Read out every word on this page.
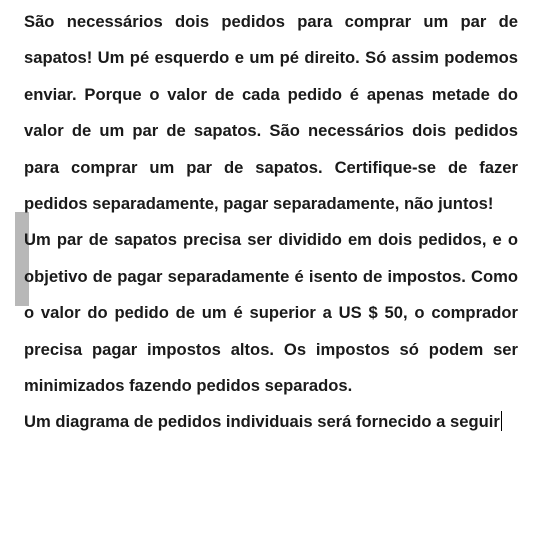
São necessários dois pedidos para comprar um par de sapatos! Um pé esquerdo e um pé direito. Só assim podemos enviar. Porque o valor de cada pedido é apenas metade do valor de um par de sapatos. São necessários dois pedidos para comprar um par de sapatos. Certifique-se de fazer pedidos separadamente, pagar separadamente, não juntos!

Um par de sapatos precisa ser dividido em dois pedidos, e o objetivo de pagar separadamente é isento de impostos. Como o valor do pedido de um é superior a US $ 50, o comprador precisa pagar impostos altos. Os impostos só podem ser minimizados fazendo pedidos separados.

Um diagrama de pedidos individuais será fornecido a seguir
